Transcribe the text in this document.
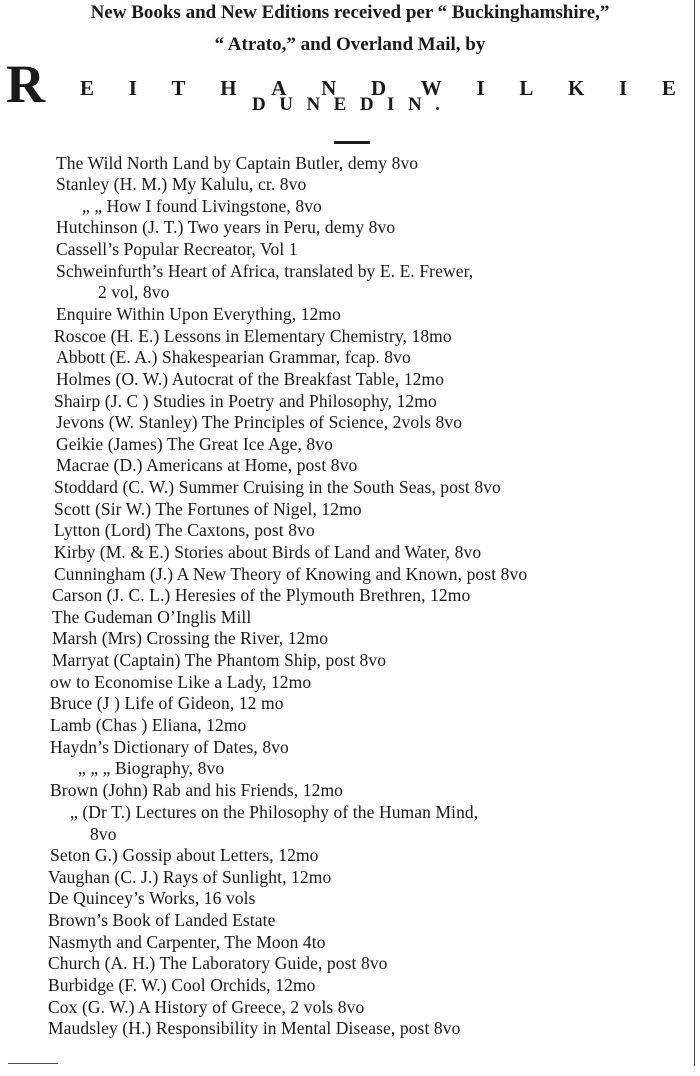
New Books and New Editions received per “ Buckinghamshire,”
“ Atrato,” and Overland Mail, by
R E I T H A N D W I L K I E
D U N E D I N .
The Wild North Land by Captain Butler, demy 8vo
Stanley (H. M.) My Kalulu, cr. 8vo
„ „ How I found Livingstone, 8vo
Hutchinson (J. T.) Two years in Peru, demy 8vo
Cassell’s Popular Recreator, Vol 1
Schweinfurth’s Heart of Africa, translated by E. E. Frewer,
2 vol, 8vo
Enquire Within Upon Everything, 12mo
Roscoe (H. E.) Lessons in Elementary Chemistry, 18mo
Abbott (E. A.) Shakespearian Grammar, fcap. 8vo
Holmes (O. W.) Autocrat of the Breakfast Table, 12mo
Shairp (J. C ) Studies in Poetry and Philosophy, 12mo
Jevons (W. Stanley) The Principles of Science, 2vols 8vo
Geikie (James) The Great Ice Age, 8vo
Macrae (D.) Americans at Home, post 8vo
Stoddard (C. W.) Summer Cruising in the South Seas, post 8vo
Scott (Sir W.) The Fortunes of Nigel, 12mo
Lytton (Lord) The Caxtons, post 8vo
Kirby (M. & E.) Stories about Birds of Land and Water, 8vo
Cunningham (J.) A New Theory of Knowing and Known, post 8vo
Carson (J. C. L.) Heresies of the Plymouth Brethren, 12mo
The Gudeman O’Inglis Mill
Marsh (Mrs) Crossing the River, 12mo
Marryat (Captain) The Phantom Ship, post 8vo
ow to Economise Like a Lady, 12mo
Bruce (J ) Life of Gideon, 12 mo
Lamb (Chas ) Eliana, 12mo
Haydn’s Dictionary of Dates, 8vo
„ „ „ Biography, 8vo
Brown (John) Rab and his Friends, 12mo
„ (Dr T.) Lectures on the Philosophy of the Human Mind,
8vo
Seton G.) Gossip about Letters, 12mo
Vaughan (C. J.) Rays of Sunlight, 12mo
De Quincey’s Works, 16 vols
Brown’s Book of Landed Estate
Nasmyth and Carpenter, The Moon 4to
Church (A. H.) The Laboratory Guide, post 8vo
Burbidge (F. W.) Cool Orchids, 12mo
Cox (G. W.) A History of Greece, 2 vols 8vo
Maudsley (H.) Responsibility in Mental Disease, post 8vo
